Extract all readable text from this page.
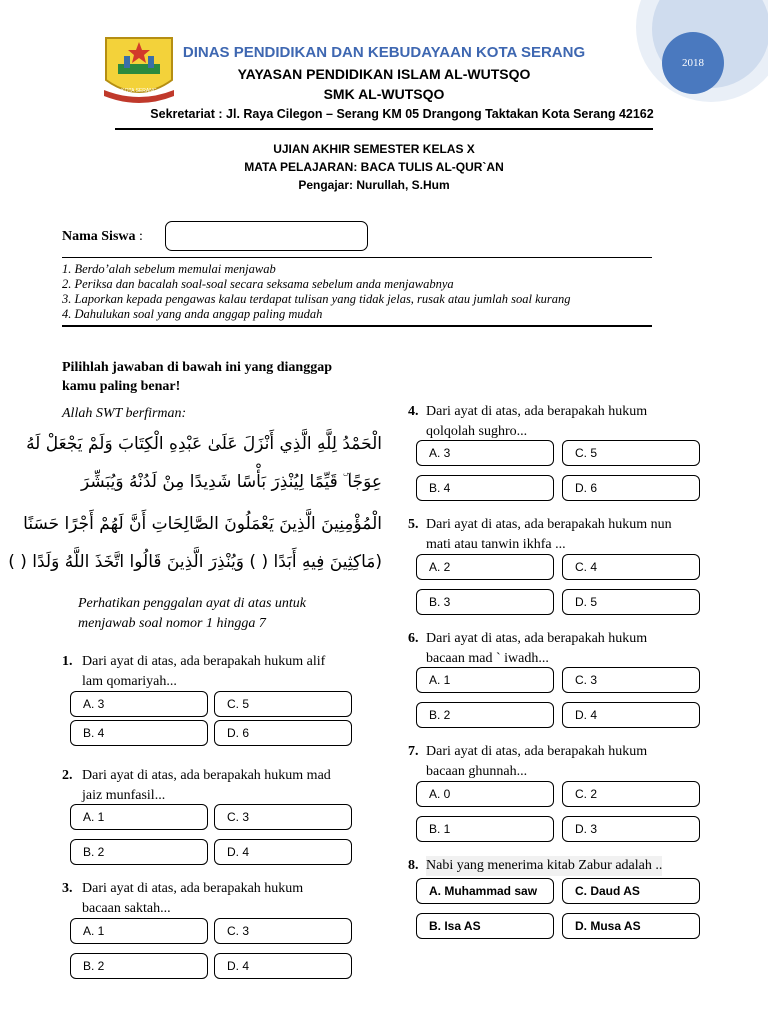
2018
KOTA SERANG
DINAS PENDIDIKAN DAN KEBUDAYAAN KOTA SERANG
YAYASAN PENDIDIKAN ISLAM AL-WUTSQO
SMK AL-WUTSQO
Sekretariat : Jl. Raya Cilegon – Serang KM 05 Drangong Taktakan Kota Serang 42162
UJIAN AKHIR SEMESTER KELAS X
MATA PELAJARAN: BACA TULIS AL-QUR`AN
Pengajar: Nurullah, S.Hum
Nama Siswa :
1. Berdo’alah sebelum memulai menjawab
2. Periksa dan bacalah soal-soal secara seksama sebelum anda menjawabnya
3. Laporkan kepada pengawas kalau terdapat tulisan yang tidak jelas, rusak atau jumlah soal kurang
4. Dahulukan soal yang anda anggap paling mudah
Pilihlah jawaban di bawah ini yang dianggap
kamu paling benar!
Allah SWT berfirman:
الْحَمْدُ لِلَّهِ الَّذِي أَنْزَلَ عَلَىٰ عَبْدِهِ الْكِتَابَ وَلَمْ يَجْعَلْ لَهُ
عِوَجًا ۜ قَيِّمًا لِيُنْذِرَ بَأْسًا شَدِيدًا مِنْ لَدُنْهُ وَيُبَشِّرَ
الْمُؤْمِنِينَ الَّذِينَ يَعْمَلُونَ الصَّالِحَاتِ أَنَّ لَهُمْ أَجْرًا حَسَنًا
(مَاكِثِينَ فِيهِ أَبَدًا ( ) وَيُنْذِرَ الَّذِينَ قَالُوا اتَّخَذَ اللَّهُ وَلَدًا ( )
Perhatikan penggalan ayat di atas untuk
menjawab soal nomor 1 hingga 7
1. Dari ayat di atas, ada berapakah hukum alif
lam qomariyah...
A. 3	C. 5
B. 4	D. 6
2. Dari ayat di atas, ada berapakah hukum mad
jaiz munfasil...
A. 1	C. 3
B. 2	D. 4
3. Dari ayat di atas, ada berapakah hukum
bacaan saktah...
A. 1	C. 3
B. 2	D. 4
4. Dari ayat di atas, ada berapakah hukum
qolqolah sughro...
A. 3	C. 5
B. 4	D. 6
5. Dari ayat di atas, ada berapakah hukum nun
mati atau tanwin ikhfa ...
A. 2	C. 4
B. 3	D. 5
6. Dari ayat di atas, ada berapakah hukum
bacaan mad ` iwadh...
A. 1	C. 3
B. 2	D. 4
7. Dari ayat di atas, ada berapakah hukum
bacaan ghunnah...
A. 0	C. 2
B. 1	D. 3
8. Nabi yang menerima kitab Zabur adalah ..
A. Muhammad saw	C. Daud AS
B. Isa AS	D. Musa AS
